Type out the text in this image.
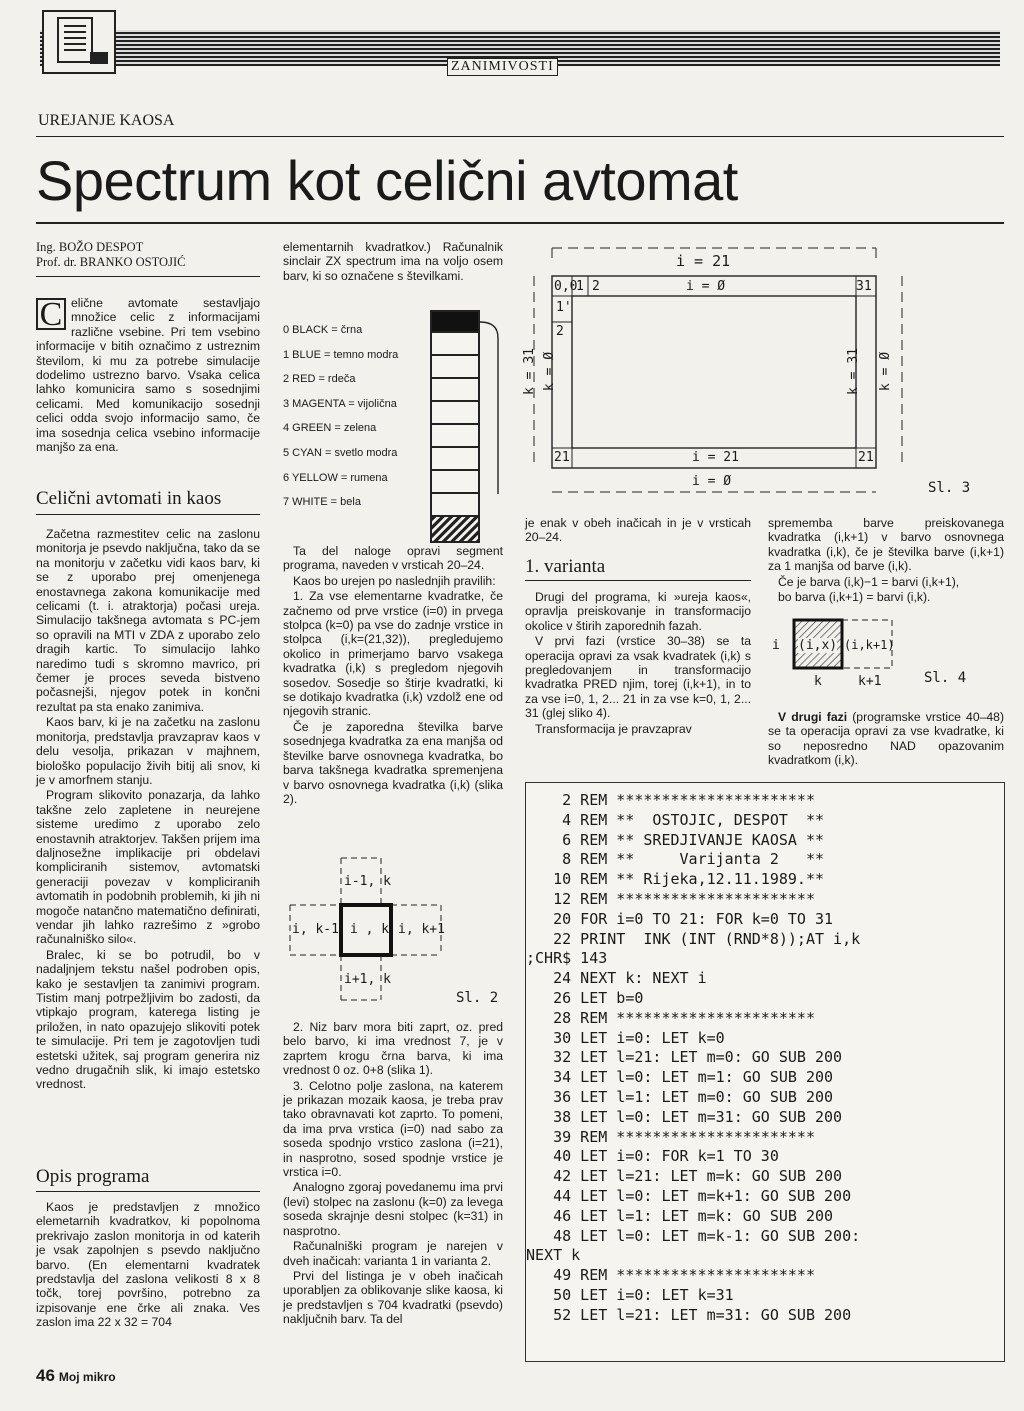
ZANIMIVOSTI
UREJANJE KAOSA
Spectrum kot celični avtomat
Ing. BOŽO DESPOT
Prof. dr. BRANKO OSTOJIĆ
C elične avtomate sestavljajo množice celic z informacijami različne vsebine. Pri tem vsebino informacije v bitih označimo z ustreznim številom, ki mu za potrebe simulacije dodelimo ustrezno barvo. Vsaka celica lahko komunicira samo s sosednjimi celicami. Med komunikacijo sosednji celici odda svojo informacijo samo, če ima sosednja celica vsebino informacije manjšo za ena.
Celični avtomati in kaos

Začetna razmestitev celic na zaslonu monitorja je psevdo naključna, tako da se na monitorju v začetku vidi kaos barv, ki se z uporabo prej omenjenega enostavnega zakona komunikacije med celicami (t. i. atraktorja) počasi ureja. Simulacijo takšnega avtomata s PC-jem so opravili na MTI v ZDA z uporabo zelo dragih kartic. To simulacijo lahko naredimo tudi s skromno mavrico, pri čemer je proces seveda bistveno počasnejši, njegov potek in končni rezultat pa sta enako zanimiva.

Kaos barv, ki je na začetku na zaslonu monitorja, predstavlja pravzaprav kaos v delu vesolja, prikazan v majhnem, biološko populacijo živih bitij ali snov, ki je v amorfnem stanju.

Program slikovito ponazarja, da lahko takšne zelo zapletene in neurejene sisteme uredimo z uporabo zelo enostavnih atraktorjev. Takšen prijem ima daljnosežne implikacije pri obdelavi kompliciranih sistemov, avtomatski generaciji povezav v kompliciranih avtomatih in podobnih problemih, ki jih ni mogoče natančno matematično definirati, vendar jih lahko razrešimo z »grobo računalniško silo«.

Bralec, ki se bo potrudil, bo v nadaljnjem tekstu našel podroben opis, kako je sestavljen ta zanimivi program. Tistim manj potrpežljivim bo zadosti, da vtipkajo program, katerega listing je priložen, in nato opazujejo slikoviti potek te simulacije. Pri tem je zagotovljen tudi estetski užitek, saj program generira niz vedno drugačnih slik, ki imajo estetsko vrednost.

Opis programa

Kaos je predstavljen z množico elemetarnih kvadratkov, ki popolnoma prekrivajo zaslon monitorja in od katerih je vsak zapolnjen s psevdo naključno barvo. (En elementarni kvadratek predstavlja del zaslona velikosti 8 x 8 točk, torej površino, potrebno za izpisovanje ene črke ali znaka. Ves zaslon ima 22 x 32 = 704

elementarnih kvadratkov.) Računalnik sinclair ZX spectrum ima na voljo osem barv, ki so označene s številkami.

0 BLACK = črna
1 BLUE = temno modra
2 RED = rdeča
3 MAGENTA = vijolična
4 GREEN = zelena
5 CYAN = svetlo modra
6 YELLOW = rumena
7 WHITE = bela

Ta del naloge opravi segment programa, naveden v vrsticah 20–24.

Kaos bo urejen po naslednjih pravilih:

1. Za vse elementarne kvadratke, če začnemo od prve vrstice (i=0) in prvega stolpca (k=0) pa vse do zadnje vrstice in stolpca (i,k=(21,32)), pregledujemo okolico in primerjamo barvo vsakega kvadratka (i,k) s pregledom njegovih sosedov. Sosedje so štirje kvadratki, ki se dotikajo kvadratka (i,k) vzdolž ene od njegovih stranic.

Če je zaporedna številka barve sosednjega kvadratka za ena manjša od številke barve osnovnega kvadratka, bo barva takšnega kvadratka spremenjena v barvo osnovnega kvadratka (i,k) (slika 2).

i-1, k
i, k-1 i , k i, k+1
i+1, k
Sl. 2

2. Niz barv mora biti zaprt, oz. pred belo barvo, ki ima vrednost 7, je v zaprtem krogu črna barva, ki ima vrednost 0 oz. 0+8 (slika 1).

3. Celotno polje zaslona, na katerem je prikazan mozaik kaosa, je treba prav tako obravnavati kot zaprto. To pomeni, da ima prva vrstica (i=0) nad sabo za soseda spodnjo vrstico zaslona (i=21), in nasprotno, sosed spodnje vrstice je vrstica i=0.

Analogno zgoraj povedanemu ima prvi (levi) stolpec na zaslonu (k=0) za levega soseda skrajnje desni stolpec (k=31) in nasprotno.

Računalniški program je narejen v dveh inačicah: varianta 1 in varianta 2.

Prvi del listinga je v obeh inačicah uporabljen za oblikovanje slike kaosa, ki je predstavljen s 704 kvadratki (psevdo) naključnih barv. Ta del

i = 21
0,0
1 2	i = Ø	31
1'
2
21	i = 21	21
i = Ø
k = 31 k = Ø	k = 31 k = Ø
Sl. 3

je enak v obeh inačicah in je v vrsticah 20–24.

1. varianta

Drugi del programa, ki »ureja kaos«, opravlja preiskovanje in transformacijo okolice v štirih zaporednih fazah.

V prvi fazi (vrstice 30–38) se ta operacija opravi za vsak kvadratek (i,k) s pregledovanjem in transformacijo kvadratka PRED njim, torej (i,k+1), in to za vse i=0, 1, 2... 21 in za vse k=0, 1, 2... 31 (glej sliko 4).

Transformacija je pravzaprav

sprememba barve preiskovanega kvadratka (i,k+1) v barvo osnovnega kvadratka (i,k), če je številka barve (i,k+1) za 1 manjša od barve (i,k).

Če je barva (i,k)−1 = barvi (i,k+1),

bo barva (i,k+1) = barvi (i,k).

i (i,x) (i,k+1)
k	k+1	Sl. 4

V drugi fazi (programske vrstice 40–48) se ta operacija opravi za vse kvadratke, ki so neposredno NAD opazovanim kvadratkom (i,k).

2 REM **********************
4 REM **  OSTOJIC, DESPOT  **
6 REM ** SREDJIVANJE KAOSA **
8 REM **     Varijanta 2   **
10 REM ** Rijeka,12.11.1989.**
12 REM **********************
20 FOR i=0 TO 21: FOR k=0 TO 31
22 PRINT  INK (INT (RND*8));AT i,k
;CHR$ 143
24 NEXT k: NEXT i
26 LET b=0
28 REM **********************
30 LET i=0: LET k=0
32 LET l=21: LET m=0: GO SUB 200
34 LET l=0: LET m=1: GO SUB 200
36 LET l=1: LET m=0: GO SUB 200
38 LET l=0: LET m=31: GO SUB 200
39 REM **********************
40 LET i=0: FOR k=1 TO 30
42 LET l=21: LET m=k: GO SUB 200
44 LET l=0: LET m=k+1: GO SUB 200
46 LET l=1: LET m=k: GO SUB 200
48 LET l=0: LET m=k-1: GO SUB 200:
NEXT k
49 REM **********************
50 LET i=0: LET k=31
52 LET l=21: LET m=31: GO SUB 200
46 Moj mikro
